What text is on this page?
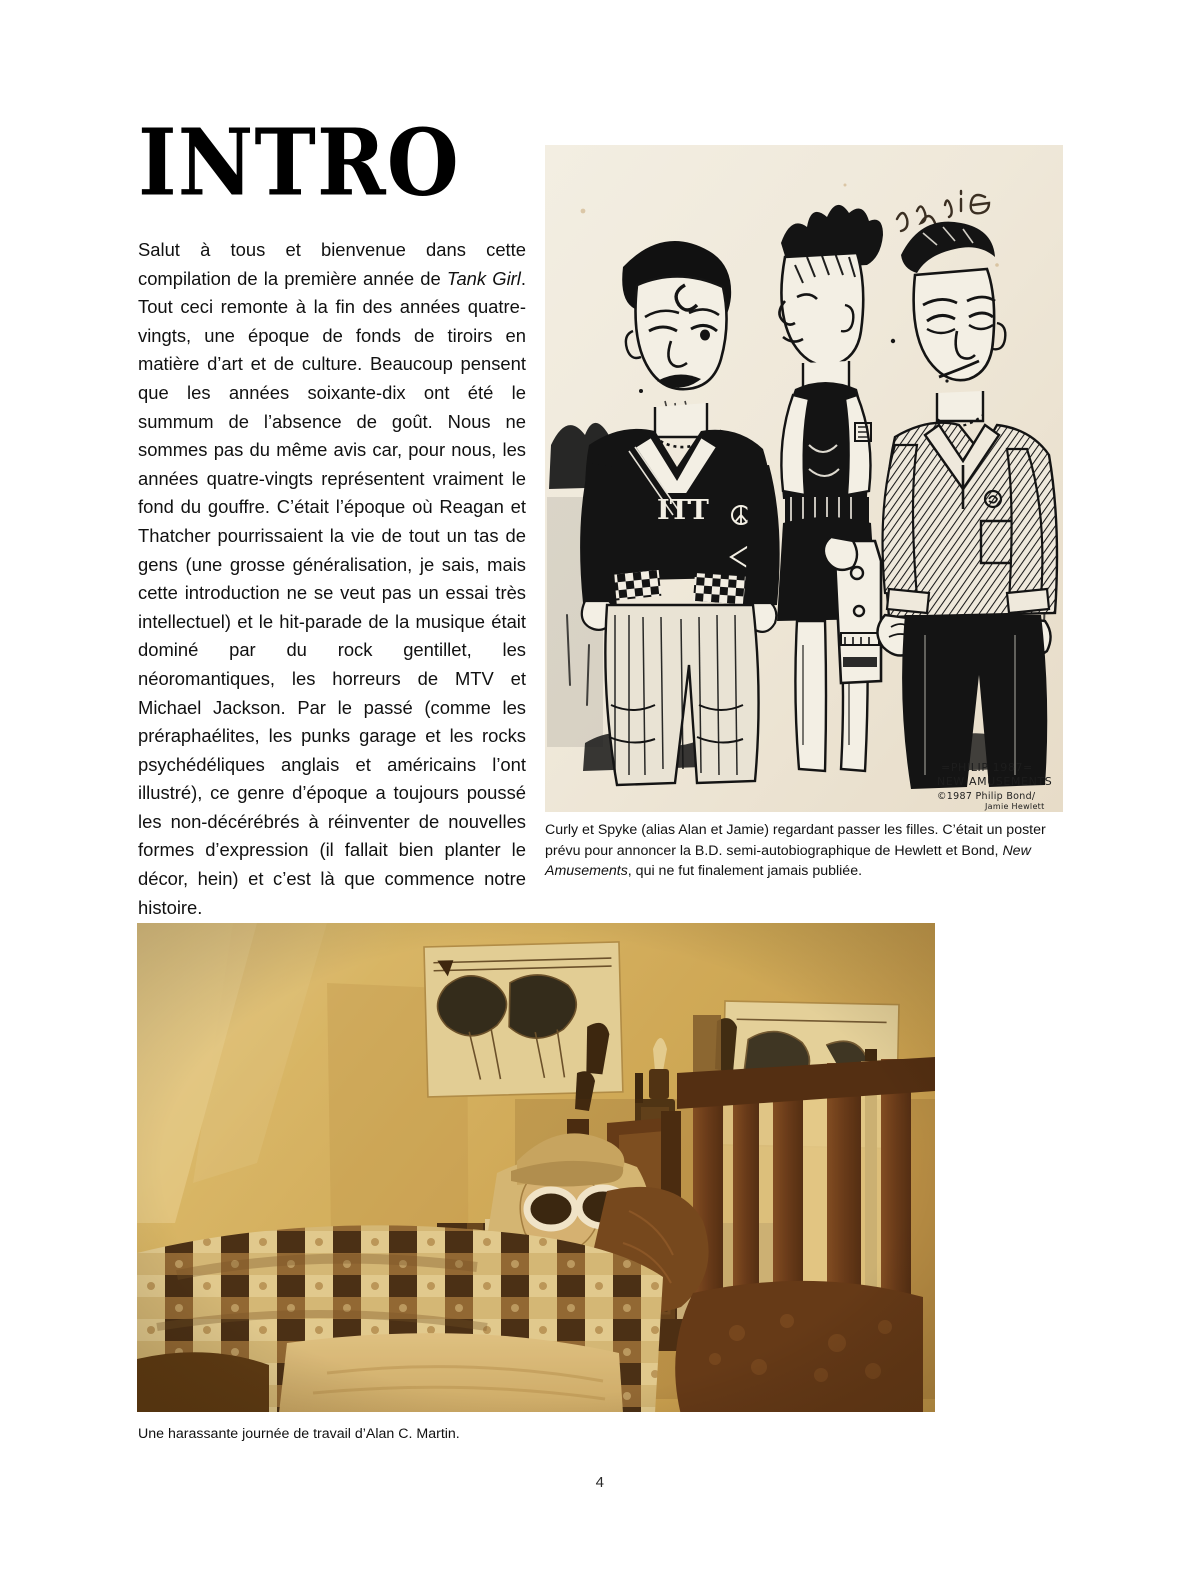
INTRO

Salut à tous et bienvenue dans cette compilation de la première année de Tank Girl. Tout ceci remonte à la fin des années quatre-vingts, une époque de fonds de tiroirs en matière d’art et de culture. Beaucoup pensent que les années soixante-dix ont été le summum de l’absence de goût. Nous ne sommes pas du même avis car, pour nous, les années quatre-vingts représentent vraiment le fond du gouffre. C’était l’époque où Reagan et Thatcher pourrissaient la vie de tout un tas de gens (une grosse généralisation, je sais, mais cette introduction ne se veut pas un essai très intellectuel) et le hit-parade de la musique était dominé par du rock gentillet, les néoromantiques, les horreurs de MTV et Michael Jackson. Par le passé (comme les préraphaélites, les punks garage et les rocks psychédéliques anglais et américains l’ont illustré), ce genre d’époque a toujours poussé les non-décérébrés à réinventer de nouvelles formes d’expression (il fallait bien planter le décor, hein) et c’est là que commence notre histoire.

ITT
=PHILIP 1987=
NEW AMUSEMENTS
©1987 Philip Bond/
Jamie Hewlett
Curly et Spyke (alias Alan et Jamie) regardant passer les filles. C’était un poster prévu pour annoncer la B.D. semi-autobiographique de Hewlett et Bond, New Amusements, qui ne fut finalement jamais publiée.
Une harassante journée de travail d’Alan C. Martin.
4
